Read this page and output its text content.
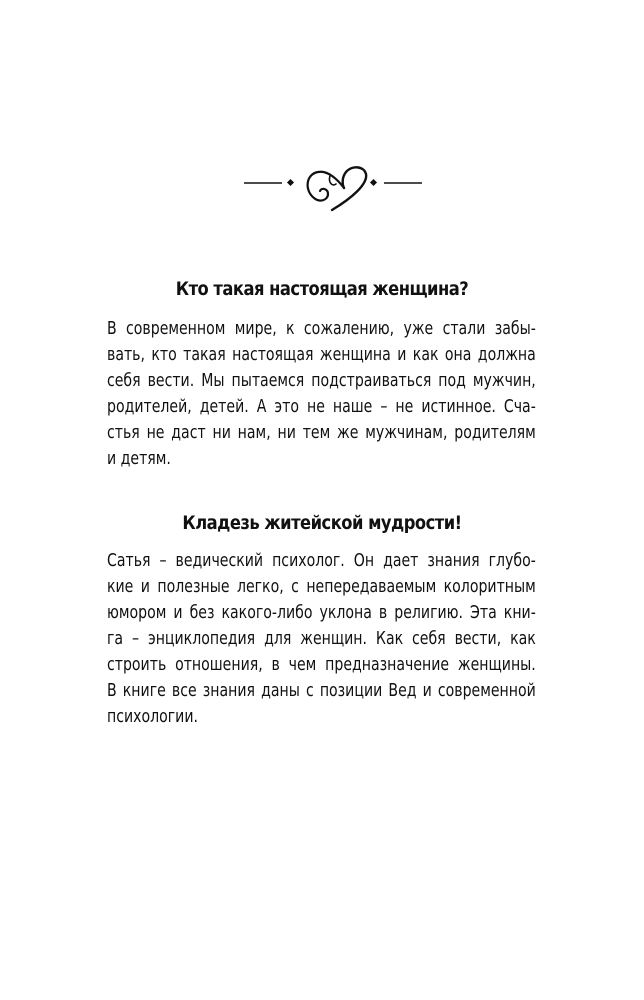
Кто такая настоящая женщина?
В современном мире, к сожалению, уже стали забы-
вать, кто такая настоящая женщина и как она должна
себя вести. Мы пытаемся подстраиваться под мужчин,
родителей, детей. А это не наше – не истинное. Сча-
стья не даст ни нам, ни тем же мужчинам, родителям
и детям.
Кладезь житейской мудрости!
Сатья – ведический психолог. Он дает знания глубо-
кие и полезные легко, с непередаваемым колоритным
юмором и без какого-либо уклона в религию. Эта кни-
га – энциклопедия для женщин. Как себя вести, как
строить отношения, в чем предназначение женщины.
В книге все знания даны с позиции Вед и современной
психологии.
